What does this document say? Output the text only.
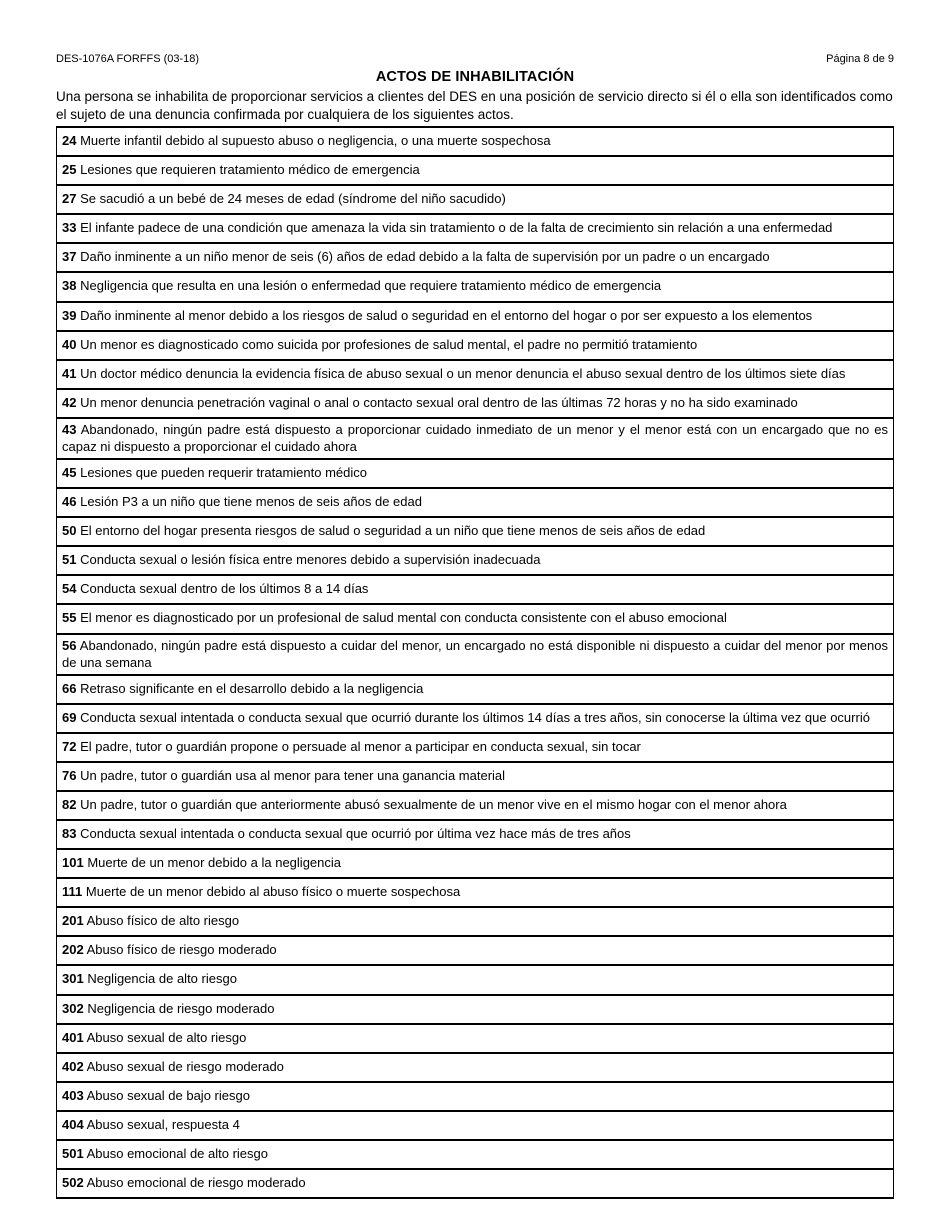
DES-1076A FORFFS (03-18)	Página 8 de 9
ACTOS DE INHABILITACIÓN
Una persona se inhabilita de proporcionar servicios a clientes del DES en una posición de servicio directo si él o ella son identificados como el sujeto de una denuncia confirmada por cualquiera de los siguientes actos.
24 Muerte infantil debido al supuesto abuso o negligencia, o una muerte sospechosa
25 Lesiones que requieren tratamiento médico de emergencia
27 Se sacudió a un bebé de 24 meses de edad (síndrome del niño sacudido)
33 El infante padece de una condición que amenaza la vida sin tratamiento o de la falta de crecimiento sin relación a una enfermedad
37 Daño inminente a un niño menor de seis (6) años de edad debido a la falta de supervisión por un padre o un encargado
38 Negligencia que resulta en una lesión o enfermedad que requiere tratamiento médico de emergencia
39 Daño inminente al menor debido a los riesgos de salud o seguridad en el entorno del hogar o por ser expuesto a los elementos
40 Un menor es diagnosticado como suicida por profesiones de salud mental, el padre no permitió tratamiento
41 Un doctor médico denuncia la evidencia física de abuso sexual o un menor denuncia el abuso sexual dentro de los últimos siete días
42 Un menor denuncia penetración vaginal o anal o contacto sexual oral dentro de las últimas 72 horas y no ha sido examinado
43 Abandonado, ningún padre está dispuesto a proporcionar cuidado inmediato de un menor y el menor está con un encargado que no es capaz ni dispuesto a proporcionar el cuidado ahora
45 Lesiones que pueden requerir tratamiento médico
46 Lesión P3 a un niño que tiene menos de seis años de edad
50 El entorno del hogar presenta riesgos de salud o seguridad a un niño que tiene menos de seis años de edad
51 Conducta sexual o lesión física entre menores debido a supervisión inadecuada
54 Conducta sexual dentro de los últimos 8 a 14 días
55 El menor es diagnosticado por un profesional de salud mental con conducta consistente con el abuso emocional
56 Abandonado, ningún padre está dispuesto a cuidar del menor, un encargado no está disponible ni dispuesto a cuidar del menor por menos de una semana
66 Retraso significante en el desarrollo debido a la negligencia
69 Conducta sexual intentada o conducta sexual que ocurrió durante los últimos 14 días a tres años, sin conocerse la última vez que ocurrió
72 El padre, tutor o guardián propone o persuade al menor a participar en conducta sexual, sin tocar
76 Un padre, tutor o guardián usa al menor para tener una ganancia material
82 Un padre, tutor o guardián que anteriormente abusó sexualmente de un menor vive en el mismo hogar con el menor ahora
83 Conducta sexual intentada o conducta sexual que ocurrió por última vez hace más de tres años
101 Muerte de un menor debido a la negligencia
111 Muerte de un menor debido al abuso físico o muerte sospechosa
201 Abuso físico de alto riesgo
202 Abuso físico de riesgo moderado
301 Negligencia de alto riesgo
302 Negligencia de riesgo moderado
401 Abuso sexual de alto riesgo
402 Abuso sexual de riesgo moderado
403 Abuso sexual de bajo riesgo
404 Abuso sexual, respuesta 4
501 Abuso emocional de alto riesgo
502 Abuso emocional de riesgo moderado
